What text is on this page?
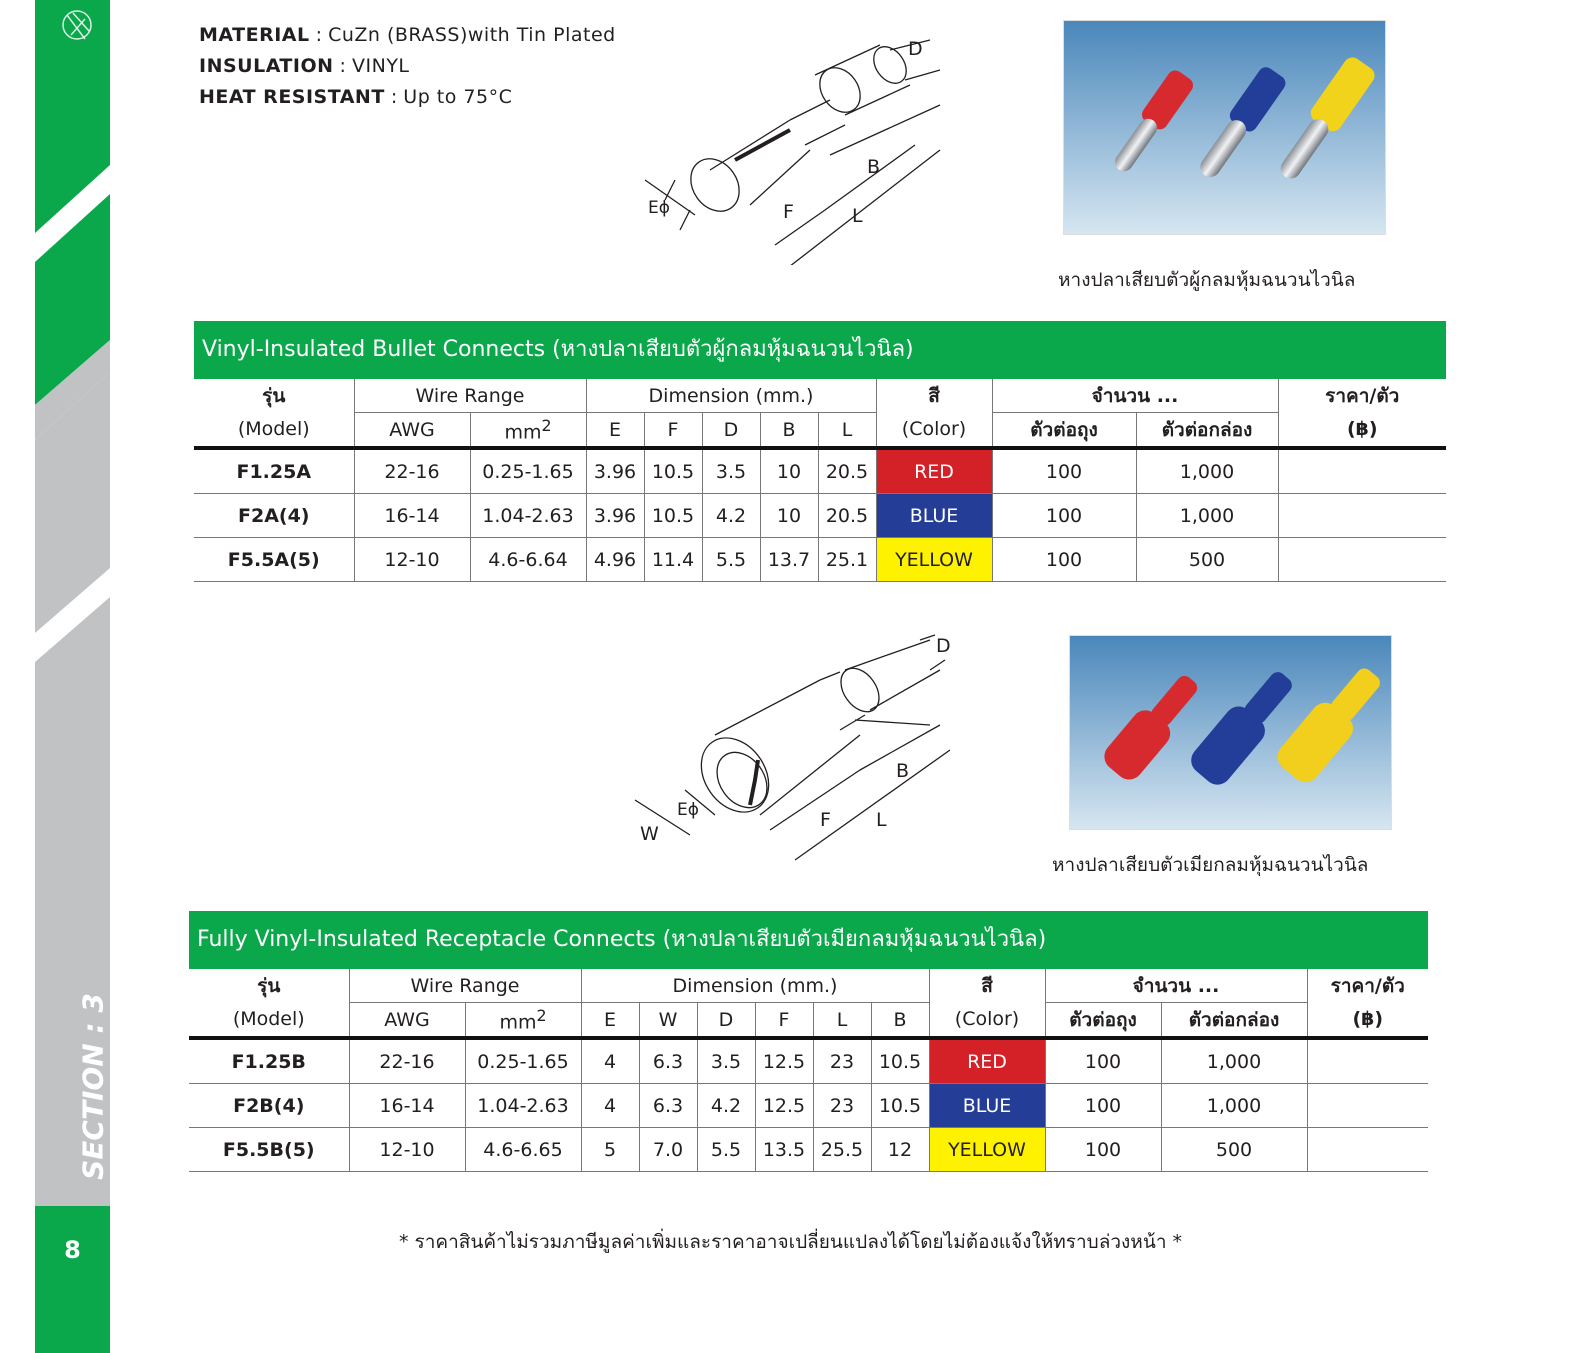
SECTION : 3
8
MATERIAL : CuZn (BRASS)with Tin Plated
INSULATION : VINYL
HEAT RESISTANT : Up to 75°C
D
B
Eϕ	F	L
หางปลาเสียบตัวผู้กลมหุ้มฉนวนไวนิล
Vinyl-Insulated Bullet Connects (หางปลาเสียบตัวผู้กลมหุ้มฉนวนไวนิล)
รุ่น	Wire Range		Dimension (mm.)					สี	จำนวน ...		ราคา/ตัว
(Model)	AWG	$mm^2$	E	F	D	B	L	(Color)	ตัวต่อถุง	ตัวต่อกล่อง	(฿)
F1.25A	22-16	0.25-1.65	3.96	10.5	3.5	10	20.5	RED	100	1,000	
F2A(4)	16-14	1.04-2.63	3.96	10.5	4.2	10	20.5	BLUE	100	1,000	
F5.5A(5)	12-10	4.6-6.64	4.96	11.4	5.5	13.7	25.1	YELLOW	100	500	
D
B
Eϕ
W
F L
หางปลาเสียบตัวเมียกลมหุ้มฉนวนไวนิล
Fully Vinyl-Insulated Receptacle Connects (หางปลาเสียบตัวเมียกลมหุ้มฉนวนไวนิล)
รุ่น	Wire Range		Dimension (mm.)						สี	จำนวน ...		ราคา/ตัว
(Model)	AWG	$mm^2$	E	W	D	F	L	B	(Color)	ตัวต่อถุง	ตัวต่อกล่อง	(฿)
F1.25B	22-16	0.25-1.65	4	6.3	3.5	12.5	23	10.5	RED	100	1,000	
F2B(4)	16-14	1.04-2.63	4	6.3	4.2	12.5	23	10.5	BLUE	100	1,000	
F5.5B(5)	12-10	4.6-6.65	5	7.0	5.5	13.5	25.5	12	YELLOW	100	500	
* ราคาสินค้าไม่รวมภาษีมูลค่าเพิ่มและราคาอาจเปลี่ยนแปลงได้โดยไม่ต้องแจ้งให้ทราบล่วงหน้า *
